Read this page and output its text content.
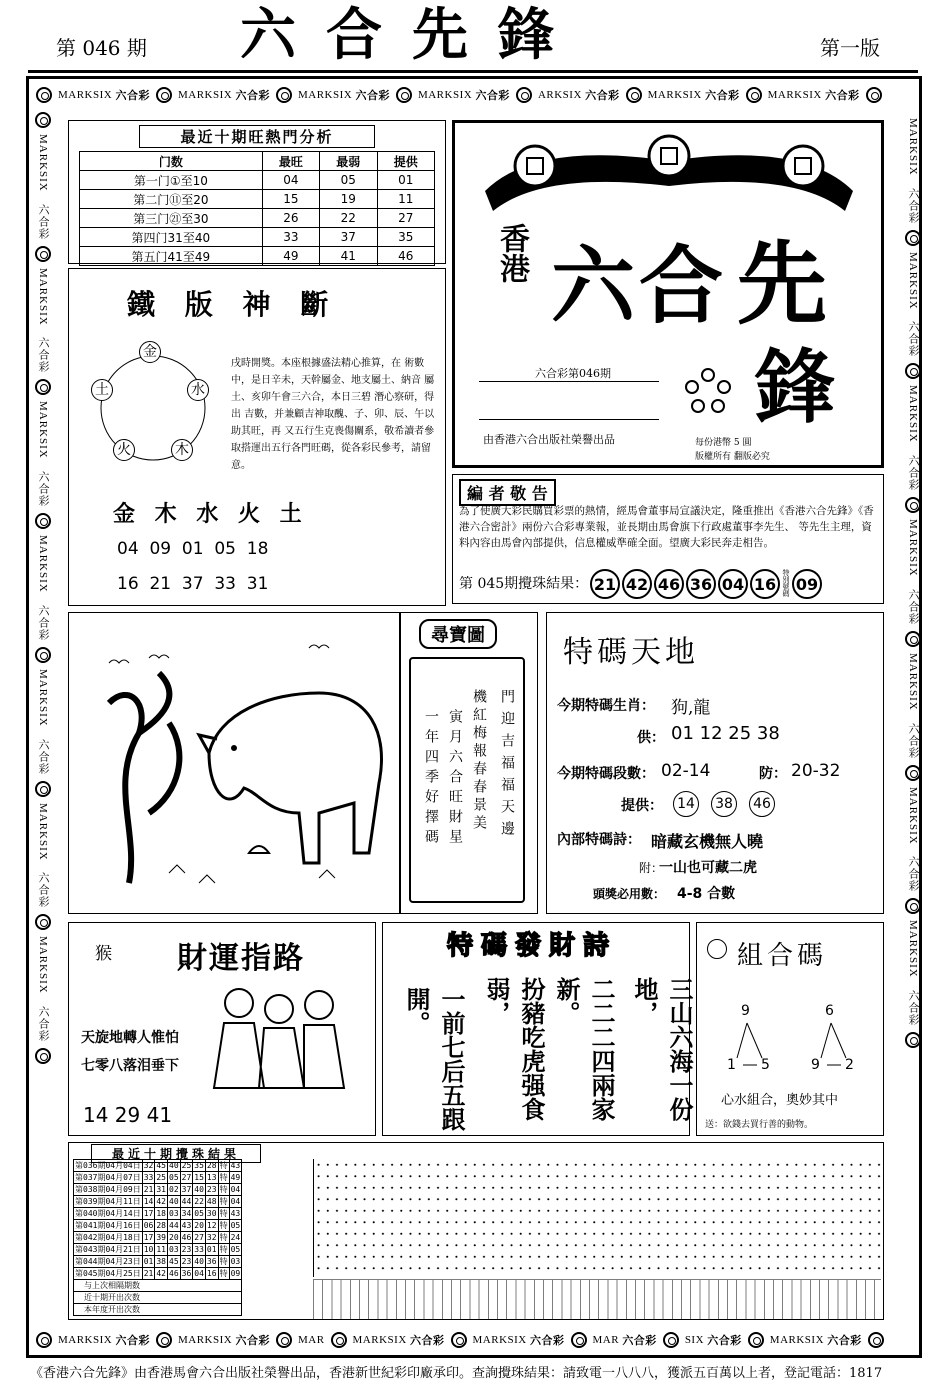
第 046 期 六合先鋒	第一版
MARKSIX
六合彩	MARKSIX
六合彩	MARKSIX
六合彩	MARKSIX
六合彩	ARKSIX
六合彩	MARKSIX
六合彩	MARKSIX
六合彩
MARKSIX
六合彩
MARKSIX
六合彩
MARKSIX
六合彩
MARKSIX
六合彩
MARKSIX
六合彩
MARKSIX
六合彩
MARKSIX
六合彩
MARKSIX
六合彩
MARKSIX
六合彩
MARKSIX
六合彩
MARKSIX
六合彩
MARKSIX
六合彩
MARKSIX
六合彩
MARKSIX
六合彩
最近十期旺熱門分析
门数	最旺	最弱	提供
第一门①至10	04	05	01
第二门⑪至20	15	19	11
第三门㉑至30	26	22	27
第四门31至40	33	37	35
第五门41至49	49	41	46
鐵 版 神 斷
金
水
木
火
土
戌時開獎。本座根據盛法精心推算，在 術數中，是日辛未，天幹屬金、地支屬土、納音 屬土、亥卯午會三六合，本日三碧 潛心察研，得出 吉數，并兼顧吉神取醜、子、卯、辰、午以助其旺，再 又五行生克喪傷關系，敬希讀者參取搭運出五行各門旺碼，從各彩民參考，請留意。
金 木 水 火 土
04  09  01  05  18
16  21  37  33  31
香港 六合 先
鋒
六合彩第046期
由香港六合出版社榮譽出品	每份港幣 5 圓
版權所有 翻版必究
編 者 敬 告
為了使廣大彩民購買彩票的熱情，經馬會董事局宣議決定，隆重推出《香港六合先鋒》《香港六合密計》兩份六合彩專業報，並長期由馬會旗下行政處董事李先生、 等先生主理，資料內容由馬會內部提供，信息權威準確全面。望廣大彩民奔走相告。
第 045期攪珠結果： 21 42 46 36 04 16 特別號碼 09
尋寶圖
一年四季好擇碼 寅月六合旺財星 機紅梅報春春景美 門迎吉福福天邊
特碼天地
今期特碼生肖： 狗,龍
供： 01 12 25 38
今期特碼段數： 02-14	防： 20-32
提供： 14 38 46
內部特碼詩： 暗藏玄機無人曉
附：
一山也可藏二虎
頭獎必用數： 4-8 合數
猴 財運指路
天旋地轉人惟怕
七零八落泪垂下
14 29 41
特碼發財詩
三山六海一份地，
二二二四兩家新。
扮豬吃虎强食弱，
一前七后五跟開。
組合碼
9
1 5
6
9 2
心水組合，奧妙其中
送：欲錢去買行善的動物。
最近十期攪珠結果
第036期04月04日	32	45	40	25	35	28	特	43
第037期04月07日	33	25	05	27	15	13	特	49
第038期04月09日	21	31	02	37	40	23	特	04
第039期04月11日	14	42	40	44	22	48	特	04
第040期04月14日	17	18	03	34	05	30	特	43
第041期04月16日	06	28	44	43	20	12	特	05
第042期04月18日	17	39	20	46	27	32	特	24
第043期04月21日	10	11	03	23	33	01	特	05
第044期04月23日	01	38	45	23	40	36	特	03
第045期04月25日	21	42	46	36	04	16	特	09
与上次相隔期数								
近十期开出次数								
本年度开出次数								
MARKSIX
六合彩	MARKSIX
六合彩	MAR	MARKSIX
六合彩	MARKSIX
六合彩	MAR
六合彩	SIX
六合彩	MARKSIX
六合彩
《香港六合先鋒》由香港馬會六合出版社榮譽出品，香港新世紀彩印廠承印。查詢攪珠結果：請致電一八八八，獲派五百萬以上者，登記電話：1817
